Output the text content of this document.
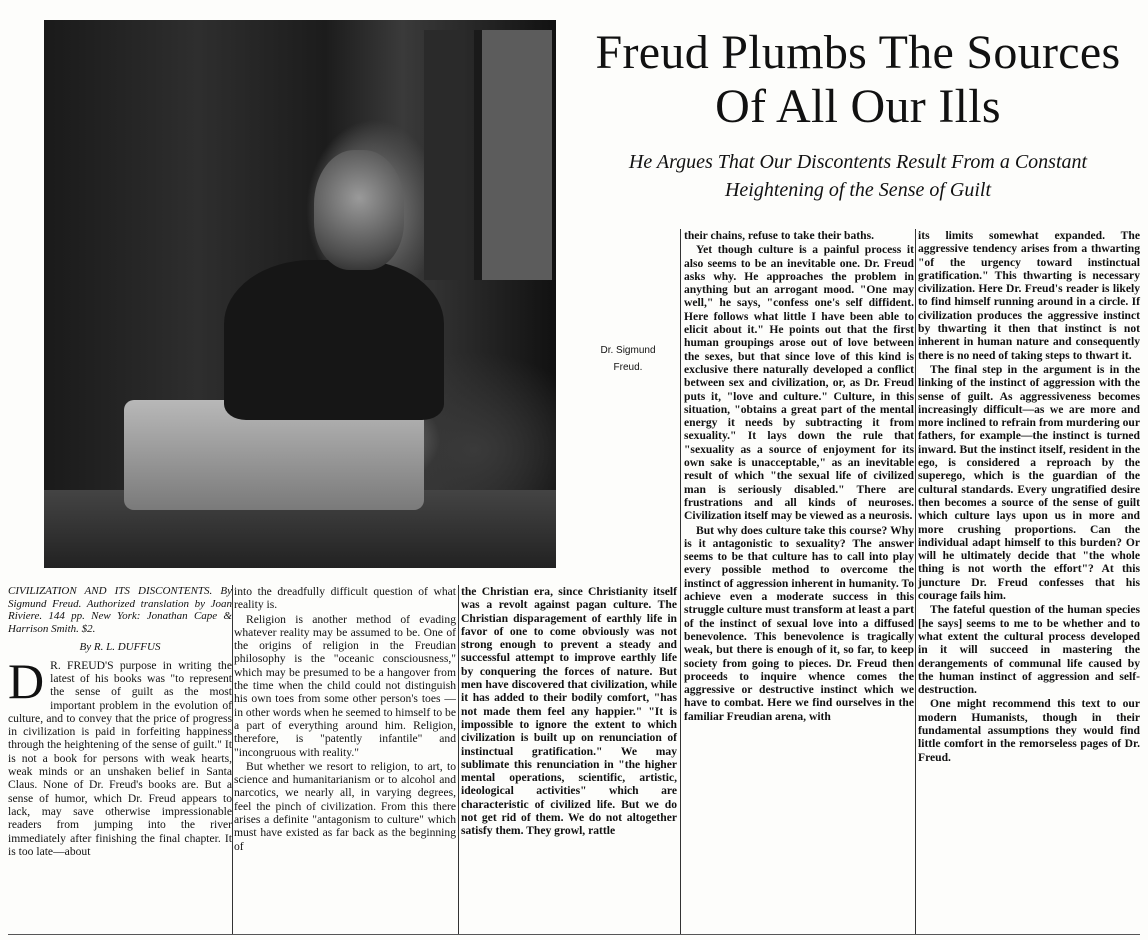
Freud Plumbs The Sources
Of All Our Ills
He Argues That Our Discontents Result From a Constant
Heightening of the Sense of Guilt
Dr. Sigmund
Freud.

CIVILIZATION AND ITS DISCONTENTS. By Sigmund Freud. Authorized translation by Joan Riviere. 144 pp. New York: Jonathan Cape & Harrison Smith. $2.

By R. L. DUFFUS

D R. FREUD'S purpose in writing the latest of his books was "to represent the sense of guilt as the most important problem in the evolution of culture, and to convey that the price of progress in civilization is paid in forfeiting happiness through the heightening of the sense of guilt." It is not a book for persons with weak hearts, weak minds or an unshaken belief in Santa Claus. None of Dr. Freud's books are. But a sense of humor, which Dr. Freud appears to lack, may save otherwise impressionable readers from jumping into the river immediately after finishing the final chapter. It is too late—about

into the dreadfully difficult question of what reality is.

Religion is another method of evading whatever reality may be assumed to be. One of the origins of religion in the Freudian philosophy is the "oceanic consciousness," which may be presumed to be a hangover from the time when the child could not distinguish his own toes from some other person's toes —in other words when he seemed to himself to be a part of everything around him. Religion, therefore, is "patently infantile" and "incongruous with reality."

But whether we resort to religion, to art, to science and humanitarianism or to alcohol and narcotics, we nearly all, in varying degrees, feel the pinch of civilization. From this there arises a definite "antagonism to culture" which must have existed as far back as the beginning of

the Christian era, since Christianity itself was a revolt against pagan culture. The Christian disparagement of earthly life in favor of one to come obviously was not strong enough to prevent a steady and successful attempt to improve earthly life by conquering the forces of nature. But men have discovered that civilization, while it has added to their bodily comfort, "has not made them feel any happier." "It is impossible to ignore the extent to which civilization is built up on renunciation of instinctual gratification." We may sublimate this renunciation in "the higher mental operations, scientific, artistic, ideological activities" which are characteristic of civilized life. But we do not get rid of them. We do not altogether satisfy them. They growl, rattle

their chains, refuse to take their baths.

Yet though culture is a painful process it also seems to be an inevitable one. Dr. Freud asks why. He approaches the problem in anything but an arrogant mood. "One may well," he says, "confess one's self diffident. Here follows what little I have been able to elicit about it." He points out that the first human groupings arose out of love between the sexes, but that since love of this kind is exclusive there naturally developed a conflict between sex and civilization, or, as Dr. Freud puts it, "love and culture." Culture, in this situation, "obtains a great part of the mental energy it needs by subtracting it from sexuality." It lays down the rule that "sexuality as a source of enjoyment for its own sake is unacceptable," as an inevitable result of which "the sexual life of civilized man is seriously disabled." There are frustrations and all kinds of neuroses. Civilization itself may be viewed as a neurosis.

But why does culture take this course? Why is it antagonistic to sexuality? The answer seems to be that culture has to call into play every possible method to overcome the instinct of aggression inherent in humanity. To achieve even a moderate success in this struggle culture must transform at least a part of the instinct of sexual love into a diffused benevolence. This benevolence is tragically weak, but there is enough of it, so far, to keep society from going to pieces. Dr. Freud then proceeds to inquire whence comes the aggressive or destructive instinct which we have to combat. Here we find ourselves in the familiar Freudian arena, with

its limits somewhat expanded. The aggressive tendency arises from a thwarting "of the urgency toward instinctual gratification." This thwarting is necessary civilization. Here Dr. Freud's reader is likely to find himself running around in a circle. If civilization produces the aggressive instinct by thwarting it then that instinct is not inherent in human nature and consequently there is no need of taking steps to thwart it.

The final step in the argument is in the linking of the instinct of aggression with the sense of guilt. As aggressiveness becomes increasingly difficult—as we are more and more inclined to refrain from murdering our fathers, for example—the instinct is turned inward. But the instinct itself, resident in the ego, is considered a reproach by the superego, which is the guardian of the cultural standards. Every ungratified desire then becomes a source of the sense of guilt which culture lays upon us in more and more crushing proportions. Can the individual adapt himself to this burden? Or will he ultimately decide that "the whole thing is not worth the effort"? At this juncture Dr. Freud confesses that his courage fails him.

The fateful question of the human species [he says] seems to me to be whether and to what extent the cultural process developed in it will succeed in mastering the derangements of communal life caused by the human instinct of aggression and self-destruction.

One might recommend this text to our modern Humanists, though in their fundamental assumptions they would find little comfort in the remorseless pages of Dr. Freud.
